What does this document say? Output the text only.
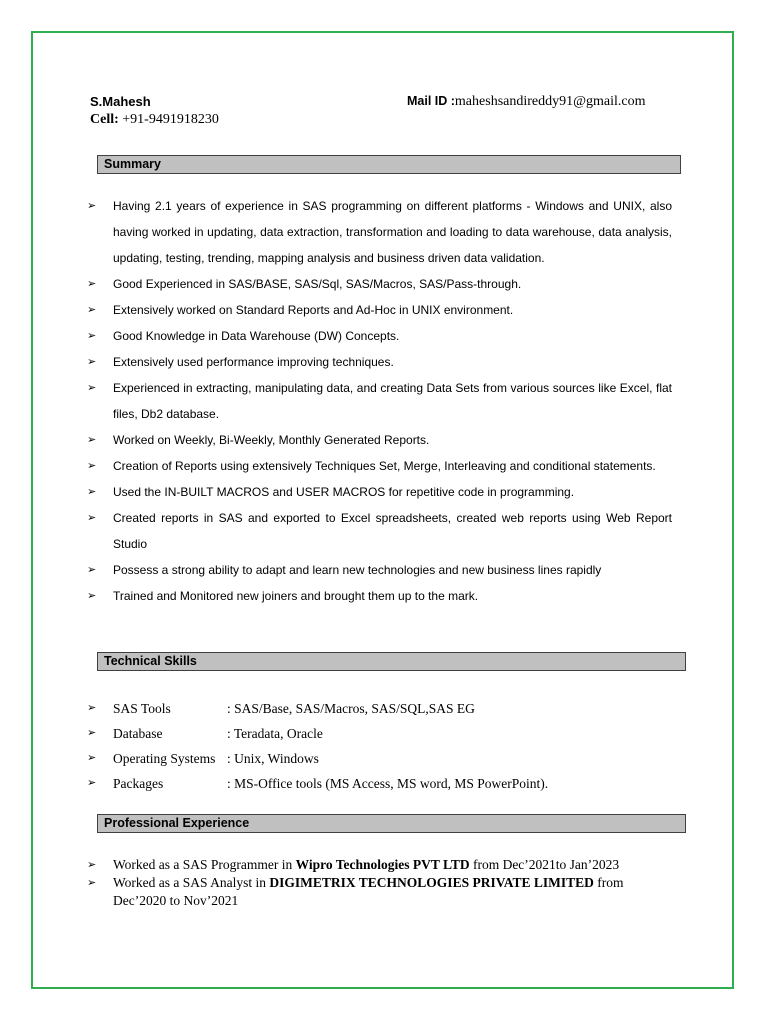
S.Mahesh
Cell: +91-9491918230
Mail ID :maheshsandireddy91@gmail.com
Summary
➢ Having 2.1 years of experience in SAS programming on different platforms - Windows and UNIX, also having worked in updating, data extraction, transformation and loading to data warehouse, data analysis, updating, testing, trending, mapping analysis and business driven data validation.
➢ Good Experienced in SAS/BASE, SAS/Sql, SAS/Macros, SAS/Pass-through.
➢ Extensively worked on Standard Reports and Ad-Hoc in UNIX environment.
➢ Good Knowledge in Data Warehouse (DW) Concepts.
➢ Extensively used performance improving techniques.
➢ Experienced in extracting, manipulating data, and creating Data Sets from various sources like Excel, flat files, Db2 database.
➢ Worked on Weekly, Bi-Weekly, Monthly Generated Reports.
➢ Creation of Reports using extensively Techniques Set, Merge, Interleaving and conditional statements.
➢ Used the IN-BUILT MACROS and USER MACROS for repetitive code in programming.
➢ Created reports in SAS and exported to Excel spreadsheets, created web reports using Web Report Studio
➢ Possess a strong ability to adapt and learn new technologies and new business lines rapidly
➢ Trained and Monitored new joiners and brought them up to the mark.
Technical Skills
➢ SAS Tools	: SAS/Base, SAS/Macros, SAS/SQL,SAS EG
➢ Database	: Teradata, Oracle
➢ Operating Systems : Unix, Windows
➢ Packages	: MS-Office tools (MS Access, MS word, MS PowerPoint).
Professional Experience
➢ Worked as a SAS Programmer in Wipro Technologies PVT LTD from Dec’2021to Jan’2023
➢ Worked as a SAS Analyst in DIGIMETRIX TECHNOLOGIES PRIVATE LIMITED from Dec’2020 to Nov’2021
